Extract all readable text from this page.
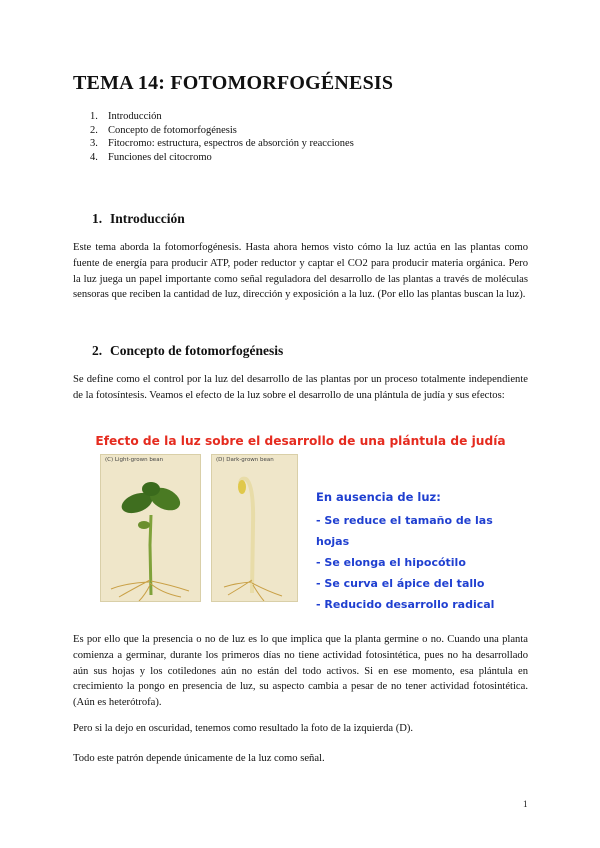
TEMA 14: FOTOMORFOGÉNESIS
1. Introducción
2. Concepto de fotomorfogénesis
3. Fitocromo: estructura, espectros de absorción y reacciones
4. Funciones del citocromo
1. Introducción
Este tema aborda la fotomorfogénesis. Hasta ahora hemos visto cómo la luz actúa en las plantas como fuente de energía para producir ATP, poder reductor y captar el CO2 para producir materia orgánica. Pero la luz juega un papel importante como señal reguladora del desarrollo de las plantas a través de moléculas sensoras que reciben la cantidad de luz, dirección y exposición a la luz. (Por ello las plantas buscan la luz).
2. Concepto de fotomorfogénesis
Se define como el control por la luz del desarrollo de las plantas por un proceso totalmente independiente de la fotosíntesis. Veamos el efecto de la luz sobre el desarrollo de una plántula de judía y sus efectos:
Efecto de la luz sobre el desarrollo de una plántula de judía
(C) Light-grown bean	(D) Dark-grown bean
En ausencia de luz:
- Se reduce el tamaño de las hojas
- Se elonga el hipocótilo
- Se curva el ápice del tallo
- Reducido desarrollo radical
Es por ello que la presencia o no de luz es lo que implica que la planta germine o no. Cuando una planta comienza a germinar, durante los primeros días no tiene actividad fotosintética, pues no ha desarrollado aún sus hojas y los cotiledones aún no están del todo activos. Si en ese momento, esa plántula en crecimiento la pongo en presencia de luz, su aspecto cambia a pesar de no tener actividad fotosintética. (Aún es heterótrofa).
Pero si la dejo en oscuridad, tenemos como resultado la foto de la izquierda (D).
Todo este patrón depende únicamente de la luz como señal.
1
